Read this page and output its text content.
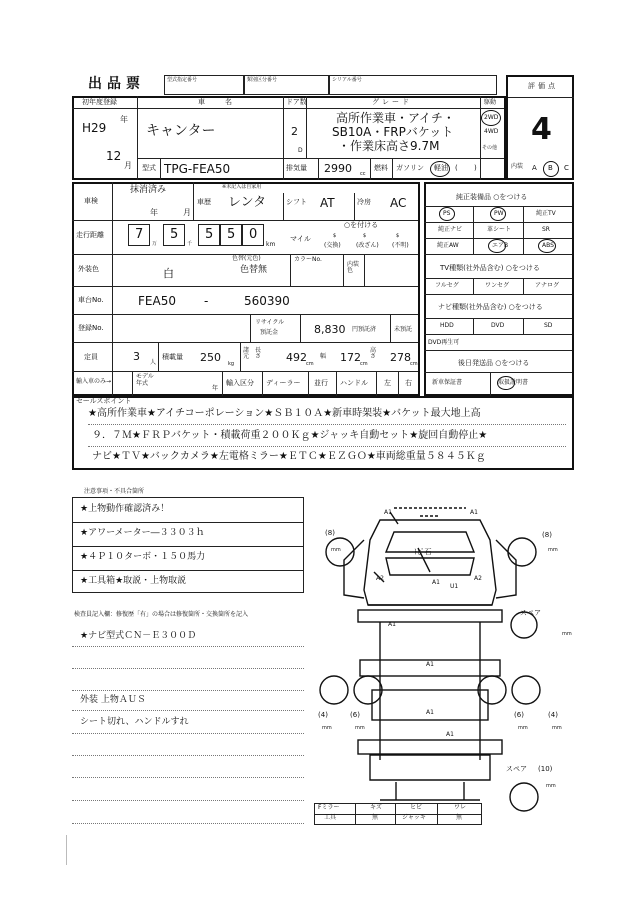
出品票	型式指定番号	類別区分番号	シリアル番号
評価点
4
初年度登録
H29
年
12
月
車名
キャンター
ドア数
2
D
グレード
高所作業車・アイチ・
SB10A・FRPバケット
・作業床高さ9.7M
駆動
2WD
4WD
その他
型式 TPG-FEA50	排気量 2990 cc
燃料 ガソリン 軽油 ( )	内装 A B C
車検
抹消済み
年	月
※未記入は自家用
車歴 レンタ	シフト AT	冷房 AC
走行距離 7
万
5
千
5 5 0
km
マイル
○を付ける
$	$	$
(交換)	(改ざん) (不明)
外装色	白
色替(元色)
色替無
カラーNo.
内装色
車台No.	FEA50 -	560390
登録No.
リサイクル
預託金	8,830 円預託済	未預託
定員	3 人
積載量 250 kg
諸元
長さ 492 cm
幅 172 cm
高さ 278 cm
輸入車のみ→
モデル年式
年
輸入区分 ディーラー 並行 ハンドル 左 右
純正装備品 ○をつける
PS	PW	純正TV
純正ナビ	革シート	SR
純正AW	エアB	ABS
TV種類(社外品含む) ○をつける
フルセグ	ワンセグ	アナログ
ナビ種類(社外品含む) ○をつける
HDD	DVD	SD
DVD再生可
後日発送品 ○をつける
新車保証書	取扱説明書
セールスポイント
★高所作業車★アイチコーポレーション★ＳＢ１０Ａ★新車時架装★バケット最大地上高
９．７Ｍ★ＦＲＰバケット・積載荷重２００Ｋｇ★ジャッキ自動セット★旋回自動停止★
ナビ★ＴＶ★バックカメラ★左電格ミラー★ＥＴＣ★ＥＺＧＯ★車両総重量５８４５Ｋｇ
注意事項・不具合箇所
★上物動作確認済み！
★アワーメーター―３３０３ｈ
★４Ｐ１０ターボ・１５０馬力
★工具箱★取説・上物取説
検査員記入欄：修復歴「有」の場合は修復箇所・交換箇所を記入
★ナビ型式ＣＮ－Ｅ３００Ｄ
外装 上物ＡＵＳ
シート切れ、ハンドルすれ
A1	A1
ﾄﾋﾞ石
A2	A2
A1
U1
A1
A1
A1
A1
(8)
mm
(8)
mm
スペア
mm
(4)
mm
(6)
mm
(6)
mm
(4)
mm
スペア (10)
mm
Fミラー	キズ	ヒビ	ワレ
工具	無	ジャッキ	無
